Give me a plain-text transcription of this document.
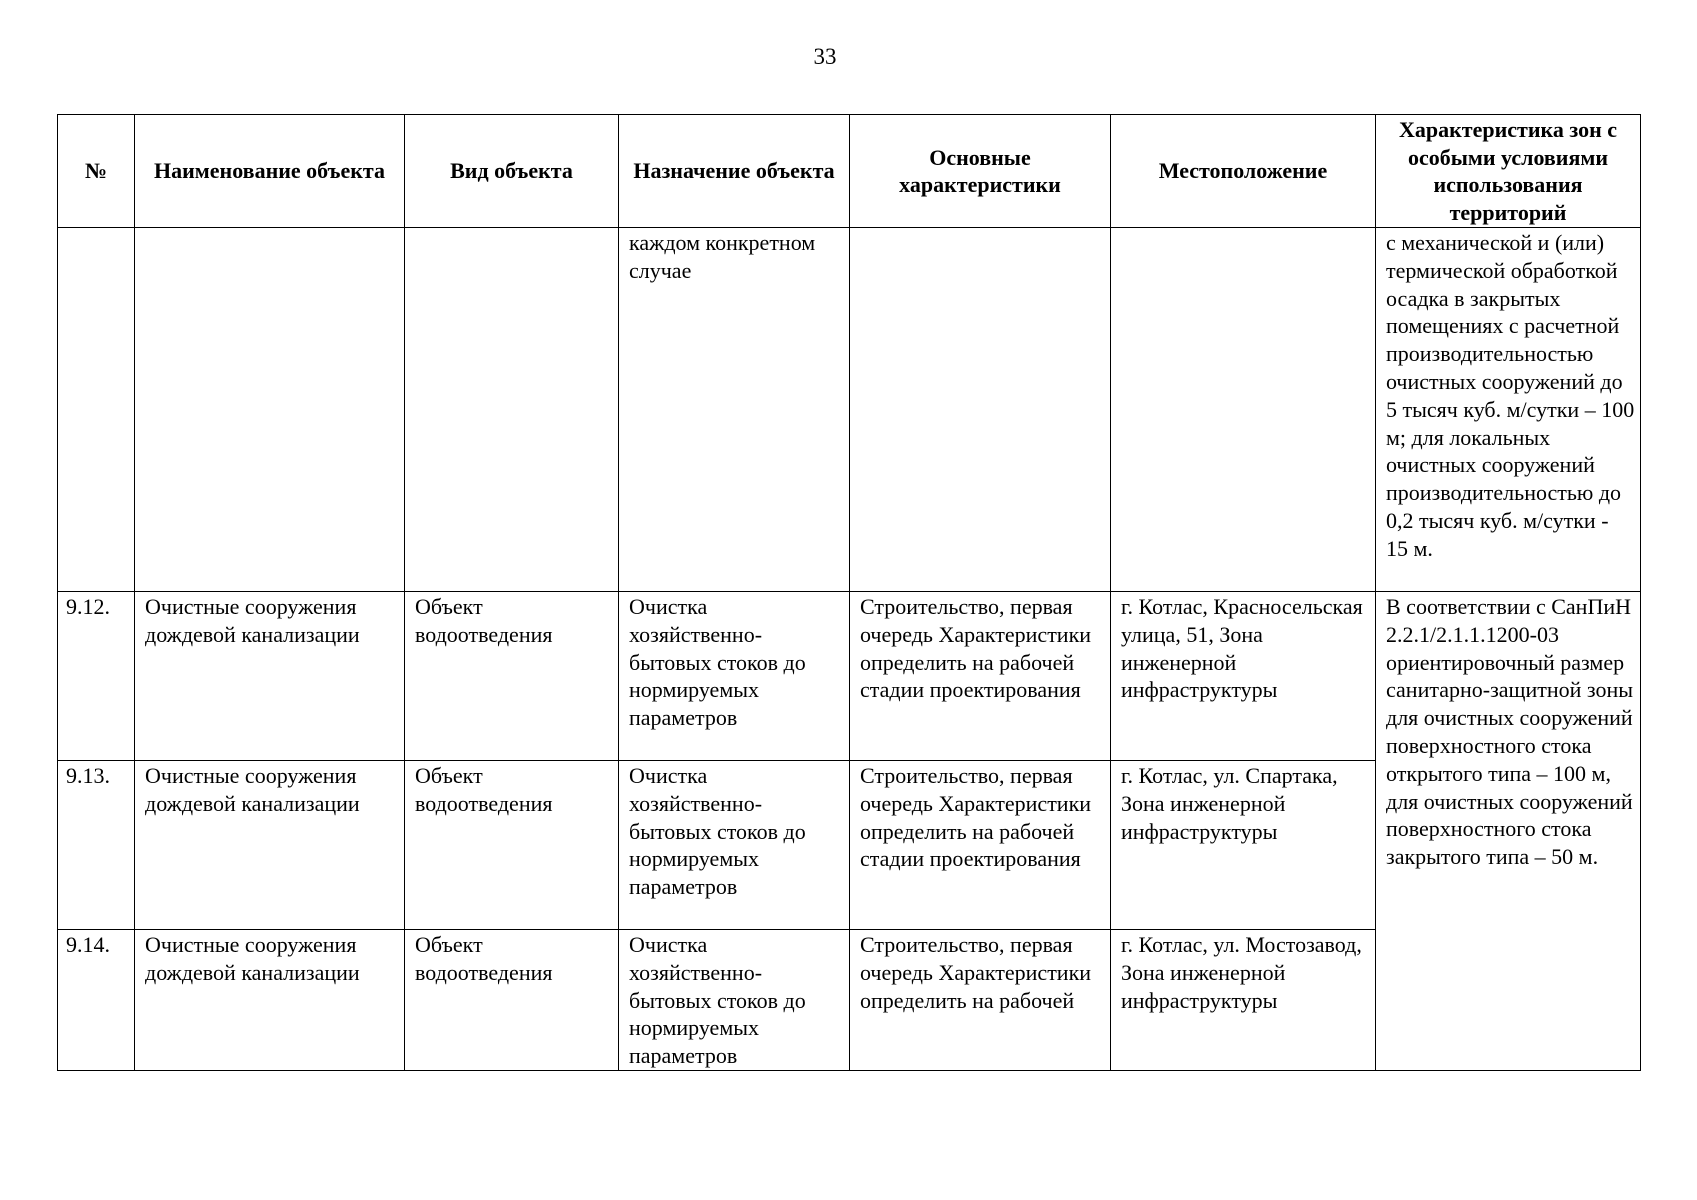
33
№	Наименование объекта	Вид объекта	Назначение объекта	Основные характеристики	Местоположение	Характеристика зон с особыми условиями использования территорий
			каждом конкретном случае			с механической и (или) термической обработкой осадка в закрытых помещениях с расчетной производительностью очистных сооружений до 5 тысяч куб. м/сутки – 100 м; для локальных очистных сооружений производительностью до 0,2 тысяч куб. м/сутки - 15 м.
9.12.	Очистные сооружения дождевой канализации	Объект водоотведения	Очистка хозяйственно-бытовых стоков до нормируемых параметров	Строительство, первая очередь Характеристики определить на рабочей стадии проектирования	г. Котлас, Красносельская улица, 51, Зона инженерной инфраструктуры	В соответствии с СанПиН 2.2.1/2.1.1.1200-03 ориентировочный размер санитарно-защитной зоны для очистных сооружений поверхностного стока открытого типа – 100 м, для очистных сооружений поверхностного стока закрытого типа – 50 м.
9.13.	Очистные сооружения дождевой канализации	Объект водоотведения	Очистка хозяйственно-бытовых стоков до нормируемых параметров	Строительство, первая очередь Характеристики определить на рабочей стадии проектирования	г. Котлас, ул. Спартака, Зона инженерной инфраструктуры	
9.14.	Очистные сооружения дождевой канализации	Объект водоотведения	Очистка хозяйственно-бытовых стоков до нормируемых параметров	Строительство, первая очередь Характеристики определить на рабочей	г. Котлас, ул. Мостозавод, Зона инженерной инфраструктуры	
